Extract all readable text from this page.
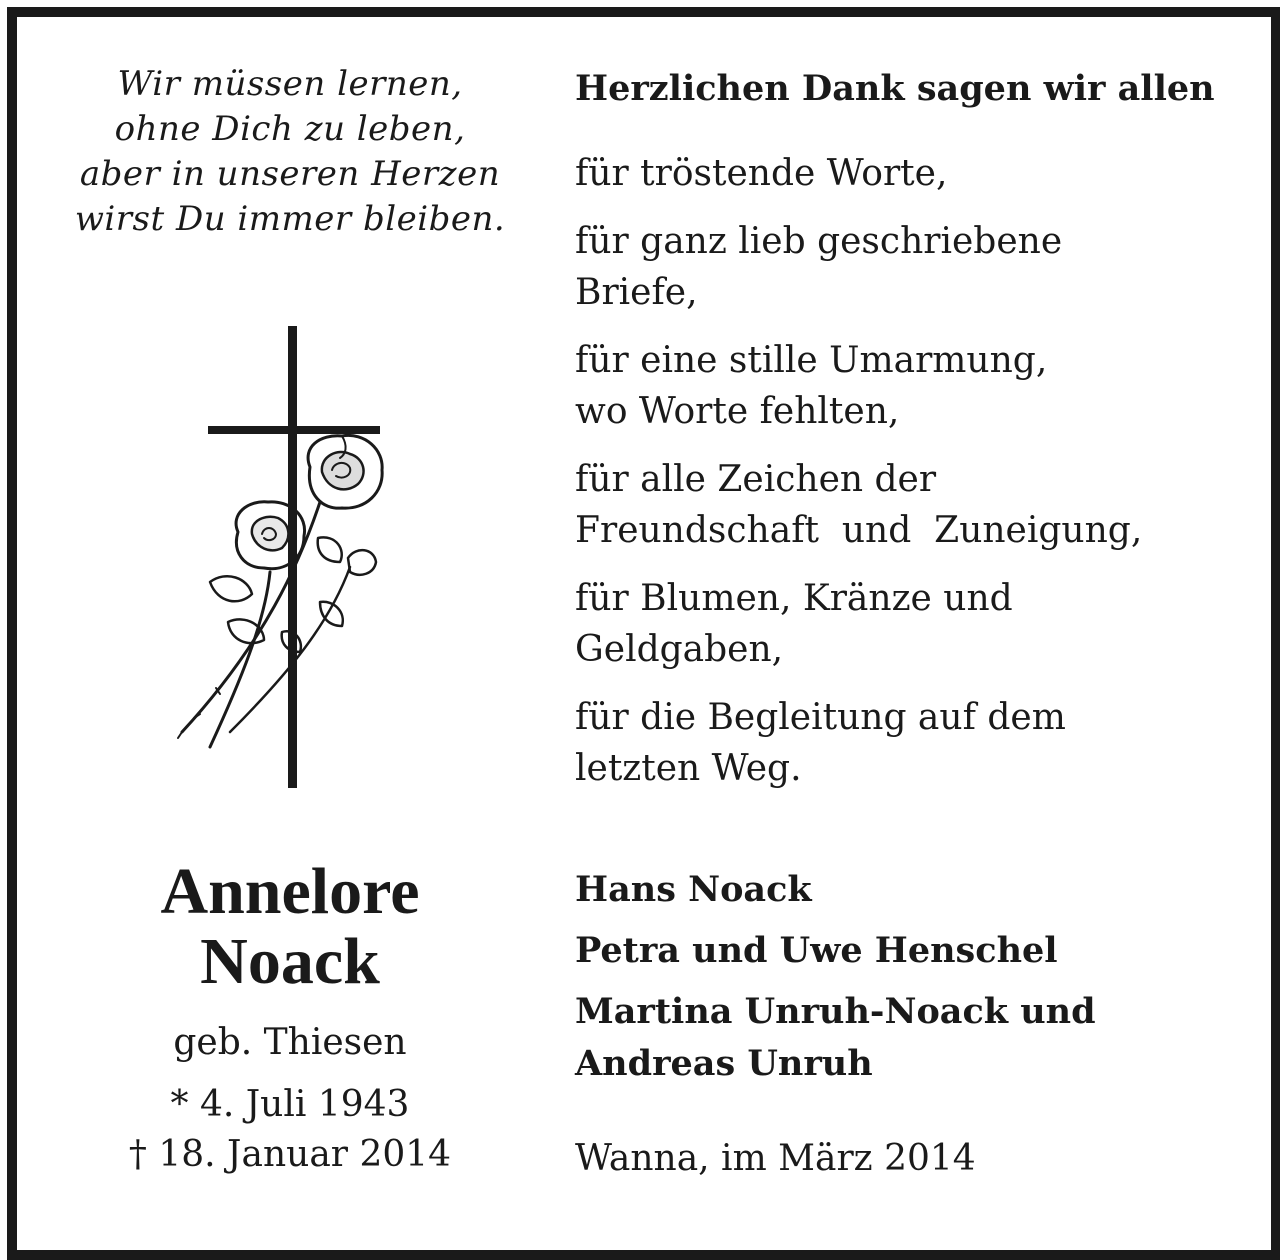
Wir müssen lernen,
ohne Dich zu leben,
aber in unseren Herzen
wirst Du immer bleiben.
Annelore
Noack
geb. Thiesen
* 4. Juli 1943
† 18. Januar 2014
Herzlichen Dank sagen wir allen
für tröstende Worte,
für ganz lieb geschriebene
Briefe,
für eine stille Umarmung,
wo Worte fehlten,
für alle Zeichen der
Freundschaft  und  Zuneigung,
für Blumen, Kränze und
Geldgaben,
für die Begleitung auf dem
letzten Weg.
Hans Noack
Petra und Uwe Henschel
Martina Unruh-Noack und
Andreas Unruh
Wanna, im März 2014
